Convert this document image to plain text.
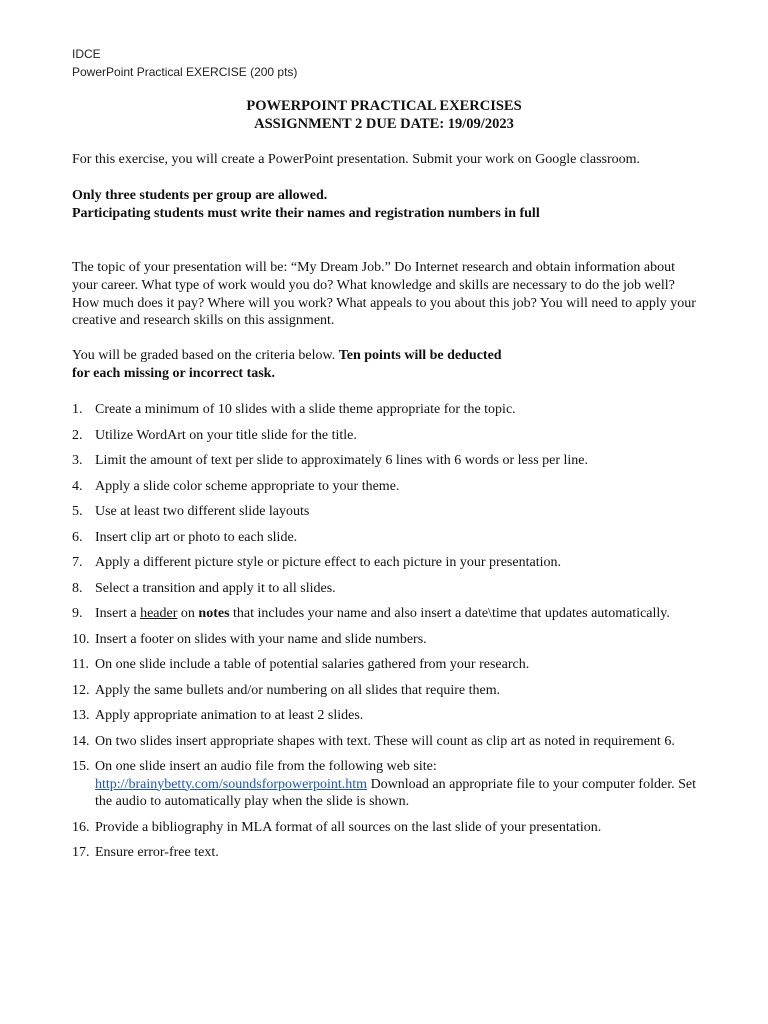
IDCE
PowerPoint Practical EXERCISE (200 pts)
POWERPOINT PRACTICAL EXERCISES
ASSIGNMENT 2 DUE DATE: 19/09/2023
For this exercise, you will create a PowerPoint presentation. Submit your work on Google classroom.
Only three students per group are allowed.
Participating students must write their names and registration numbers in full
The topic of your presentation will be: “My Dream Job.” Do Internet research and obtain information about your career. What type of work would you do? What knowledge and skills are necessary to do the job well? How much does it pay? Where will you work? What appeals to you about this job? You will need to apply your creative and research skills on this assignment.
You will be graded based on the criteria below. Ten points will be deducted
for each missing or incorrect task.
1. Create a minimum of 10 slides with a slide theme appropriate for the topic.
2. Utilize WordArt on your title slide for the title.
3. Limit the amount of text per slide to approximately 6 lines with 6 words or less per line.
4. Apply a slide color scheme appropriate to your theme.
5. Use at least two different slide layouts
6. Insert clip art or photo to each slide.
7. Apply a different picture style or picture effect to each picture in your presentation.
8. Select a transition and apply it to all slides.
9. Insert a header on notes that includes your name and also insert a date\time that updates automatically.
10. Insert a footer on slides with your name and slide numbers.
11. On one slide include a table of potential salaries gathered from your research.
12. Apply the same bullets and/or numbering on all slides that require them.
13. Apply appropriate animation to at least 2 slides.
14. On two slides insert appropriate shapes with text. These will count as clip art as noted in requirement 6.
15. On one slide insert an audio file from the following web site: http://brainybetty.com/soundsforpowerpoint.htm Download an appropriate file to your computer folder. Set the audio to automatically play when the slide is shown.
16. Provide a bibliography in MLA format of all sources on the last slide of your presentation.
17. Ensure error-free text.
